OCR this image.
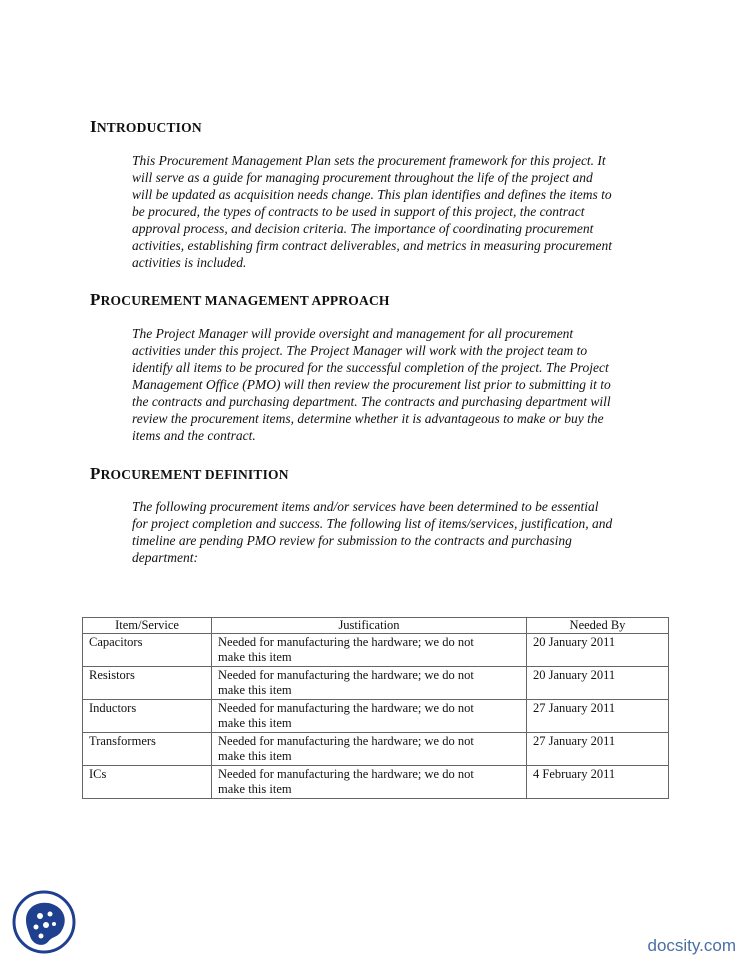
INTRODUCTION
This Procurement Management Plan sets the procurement framework for this project. It
will serve as a guide for managing procurement throughout the life of the project and
will be updated as acquisition needs change. This plan identifies and defines the items to
be procured, the types of contracts to be used in support of this project, the contract
approval process, and decision criteria. The importance of coordinating procurement
activities, establishing firm contract deliverables, and metrics in measuring procurement
activities is included.
PROCUREMENT MANAGEMENT APPROACH
The Project Manager will provide oversight and management for all procurement
activities under this project. The Project Manager will work with the project team to
identify all items to be procured for the successful completion of the project. The Project
Management Office (PMO) will then review the procurement list prior to submitting it to
the contracts and purchasing department. The contracts and purchasing department will
review the procurement items, determine whether it is advantageous to make or buy the
items and the contract.
PROCUREMENT DEFINITION
The following procurement items and/or services have been determined to be essential
for project completion and success. The following list of items/services, justification, and
timeline are pending PMO review for submission to the contracts and purchasing
department:
Item/Service	Justification	Needed By
Capacitors	Needed for manufacturing the hardware; we do not
make this item	20 January 2011
Resistors	Needed for manufacturing the hardware; we do not
make this item	20 January 2011
Inductors	Needed for manufacturing the hardware; we do not
make this item	27 January 2011
Transformers	Needed for manufacturing the hardware; we do not
make this item	27 January 2011
ICs	Needed for manufacturing the hardware; we do not
make this item	4 February 2011
docsity.com
